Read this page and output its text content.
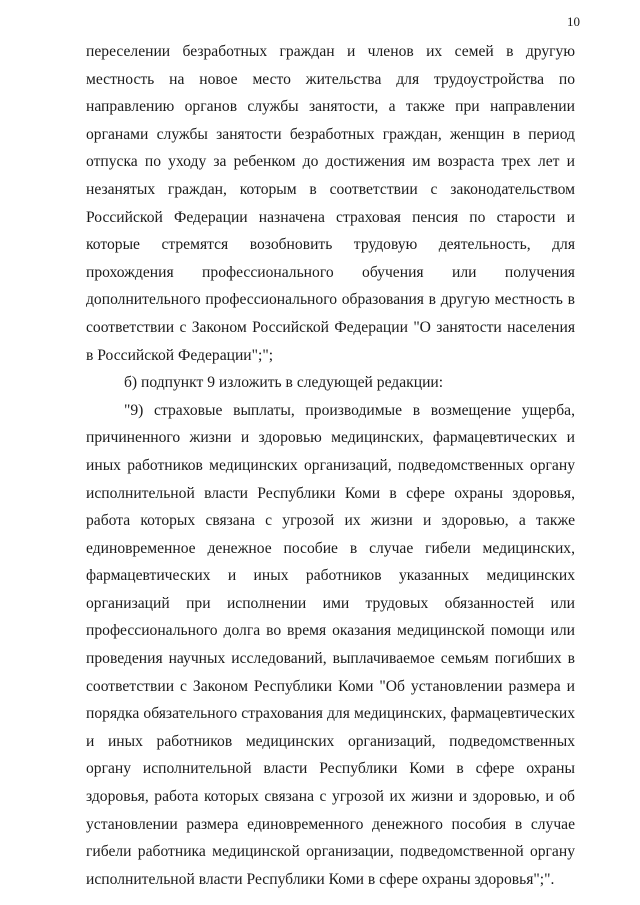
10

переселении безработных граждан и членов их семей в другую местность на новое место жительства для трудоустройства по направлению органов службы занятости, а также при направлении органами службы занятости безработных граждан, женщин в период отпуска по уходу за ребенком до достижения им возраста трех лет и незанятых граждан, которым в соответствии с законодательством Российской Федерации назначена страховая пенсия по старости и которые стремятся возобновить трудовую деятельность, для прохождения профессионального обучения или получения дополнительного профессионального образования в другую местность в соответствии с Законом Российской Федерации "О занятости населения в Российской Федерации";";

б) подпункт 9 изложить в следующей редакции:

"9) страховые выплаты, производимые в возмещение ущерба, причиненного жизни и здоровью медицинских, фармацевтических и иных работников медицинских организаций, подведомственных органу исполнительной власти Республики Коми в сфере охраны здоровья, работа которых связана с угрозой их жизни и здоровью, а также единовременное денежное пособие в случае гибели медицинских, фармацевтических и иных работников указанных медицинских организаций при исполнении ими трудовых обязанностей или профессионального долга во время оказания медицинской помощи или проведения научных исследований, выплачиваемое семьям погибших в соответствии с Законом Республики Коми "Об установлении размера и порядка обязательного страхования для медицинских, фармацевтических и иных работников медицинских организаций, подведомственных органу исполнительной власти Республики Коми в сфере охраны здоровья, работа которых связана с угрозой их жизни и здоровью, и об установлении размера единовременного денежного пособия в случае гибели работника медицинской организации, подведомственной органу исполнительной власти Республики Коми в сфере охраны здоровья";".
